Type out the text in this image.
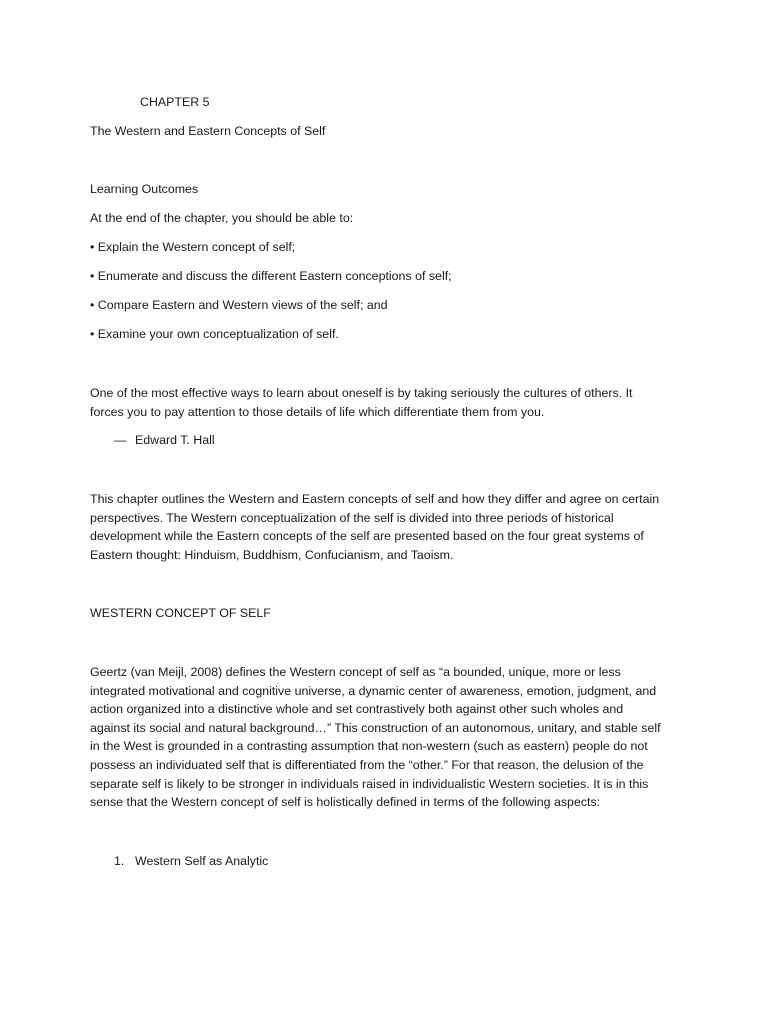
CHAPTER 5

The Western and Eastern Concepts of Self

Learning Outcomes

At the end of the chapter, you should be able to:

• Explain the Western concept of self;

• Enumerate and discuss the different Eastern conceptions of self;

• Compare Eastern and Western views of the self; and

• Examine your own conceptualization of self.

One of the most effective ways to learn about oneself is by taking seriously the cultures of others. It
forces you to pay attention to those details of life which differentiate them from you.
— Edward T. Hall
This chapter outlines the Western and Eastern concepts of self and how they differ and agree on certain
perspectives. The Western conceptualization of the self is divided into three periods of historical
development while the Eastern concepts of the self are presented based on the four great systems of
Eastern thought: Hinduism, Buddhism, Confucianism, and Taoism.

WESTERN CONCEPT OF SELF

Geertz (van Meijl, 2008) defines the Western concept of self as “a bounded, unique, more or less
integrated motivational and cognitive universe, a dynamic center of awareness, emotion, judgment, and
action organized into a distinctive whole and set contrastively both against other such wholes and
against its social and natural background…” This construction of an autonomous, unitary, and stable self
in the West is grounded in a contrasting assumption that non-western (such as eastern) people do not
possess an individuated self that is differentiated from the “other.” For that reason, the delusion of the
separate self is likely to be stronger in individuals raised in individualistic Western societies. It is in this
sense that the Western concept of self is holistically defined in terms of the following aspects:
1. Western Self as Analytic
